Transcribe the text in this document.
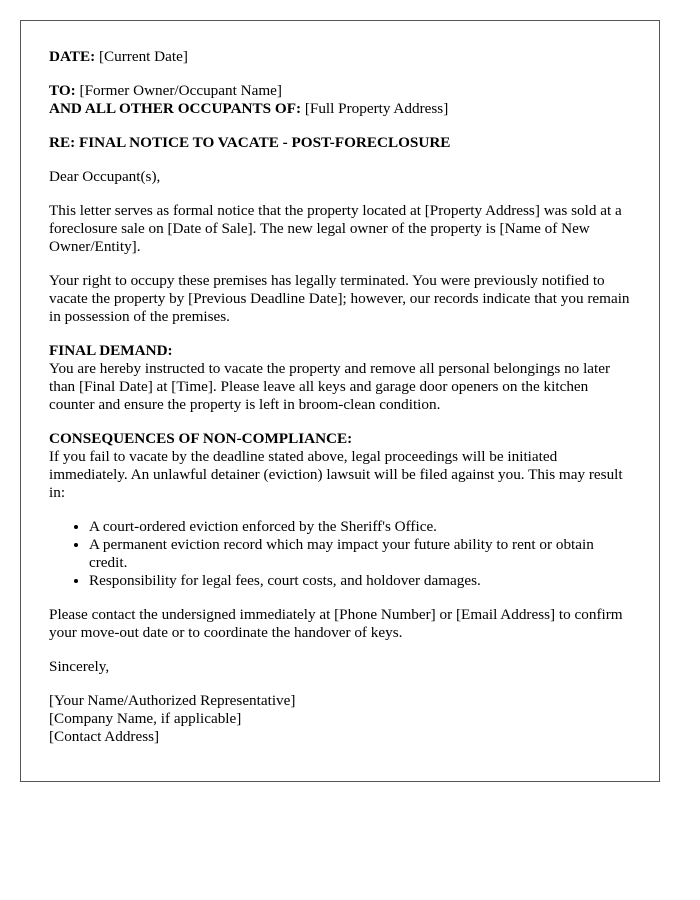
DATE: [Current Date]

TO: [Former Owner/Occupant Name]

AND ALL OTHER OCCUPANTS OF: [Full Property Address]

RE: FINAL NOTICE TO VACATE - POST-FORECLOSURE

Dear Occupant(s),

This letter serves as formal notice that the property located at [Property Address] was sold at a foreclosure sale on [Date of Sale]. The new legal owner of the property is [Name of New Owner/Entity].

Your right to occupy these premises has legally terminated. You were previously notified to vacate the property by [Previous Deadline Date]; however, our records indicate that you remain in possession of the premises.

FINAL DEMAND:

You are hereby instructed to vacate the property and remove all personal belongings no later than [Final Date] at [Time]. Please leave all keys and garage door openers on the kitchen counter and ensure the property is left in broom-clean condition.

CONSEQUENCES OF NON-COMPLIANCE:

If you fail to vacate by the deadline stated above, legal proceedings will be initiated immediately. An unlawful detainer (eviction) lawsuit will be filed against you. This may result in:

• A court-ordered eviction enforced by the Sheriff's Office.
• A permanent eviction record which may impact your future ability to rent or obtain credit.
• Responsibility for legal fees, court costs, and holdover damages.

Please contact the undersigned immediately at [Phone Number] or [Email Address] to confirm your move-out date or to coordinate the handover of keys.

Sincerely,

[Your Name/Authorized Representative]
[Company Name, if applicable]
[Contact Address]
